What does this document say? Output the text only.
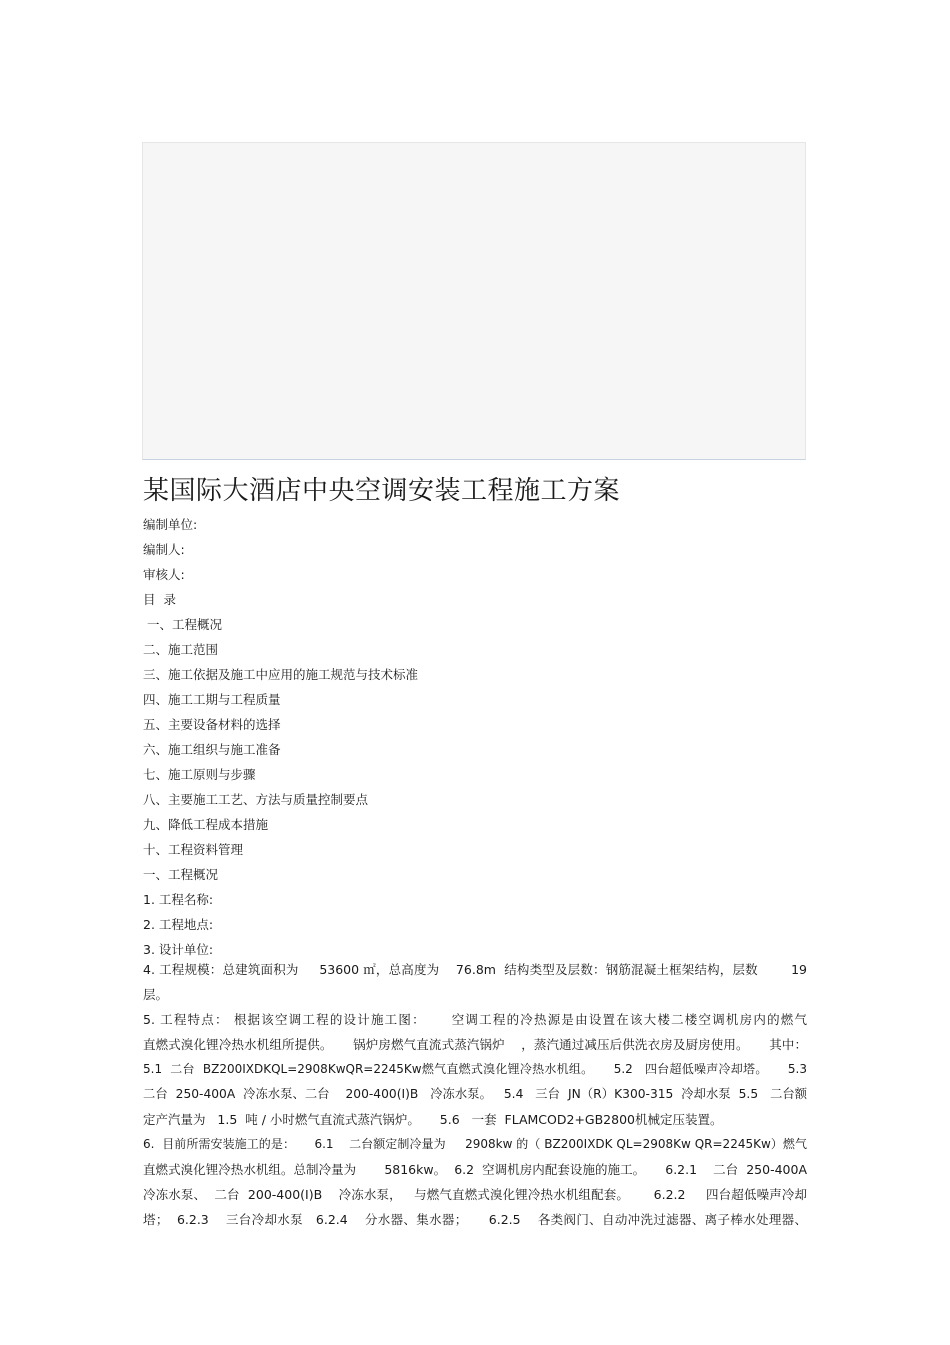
某国际大酒店中央空调安装工程施工方案
编制单位:
编制人:
审核人:
目  录
一、工程概况
二、施工范围
三、施工依据及施工中应用的施工规范与技术标准
四、施工工期与工程质量
五、主要设备材料的选择
六、施工组织与施工准备
七、施工原则与步骤
八、主要施工工艺、方法与质量控制要点
九、降低工程成本措施
十、工程资料管理
一、工程概况
1. 工程名称:
2. 工程地点:
3. 设计单位:
4. 工程规模：总建筑面积为     53600 ㎡，总高度为    76.8m  结构类型及层数：钢筋混凝土框架结构，层数        19
层。
5. 工程特点： 根据该空调工程的设计施工图：     空调工程的冷热源是由设置在该大楼二楼空调机房内的燃气
直燃式溴化锂冷热水机组所提供。     锅炉房燃气直流式蒸汽锅炉    ，蒸汽通过减压后供洗衣房及厨房使用。     其中：
5.1  二台  BZ200IXDKQL=2908KwQR=2245Kw燃气直燃式溴化锂冷热水机组。     5.2   四台超低噪声冷却塔。     5.3
二台  250-400A  冷冻水泵、二台    200-400(I)B   冷冻水泵。   5.4   三台  JN（R）K300-315  冷却水泵  5.5   二台额
定产汽量为   1.5  吨 / 小时燃气直流式蒸汽锅炉。     5.6   一套  FLAMCOD2+GB2800机械定压装置。
6.  目前所需安装施工的是：     6.1    二台额定制冷量为     2908kw 的（ BZ200IXDK QL=2908Kw QR=2245Kw）燃气
直燃式溴化锂冷热水机组。总制冷量为       5816kw。  6.2  空调机房内配套设施的施工。     6.2.1    二台  250-400A
冷冻水泵、  二台  200-400(I)B    冷冻水泵，   与燃气直燃式溴化锂冷热水机组配套。      6.2.2     四台超低噪声冷却
塔；  6.2.3    三台冷却水泵   6.2.4    分水器、集水器；     6.2.5    各类阀门、自动冲洗过滤器、离子棒水处理器、
